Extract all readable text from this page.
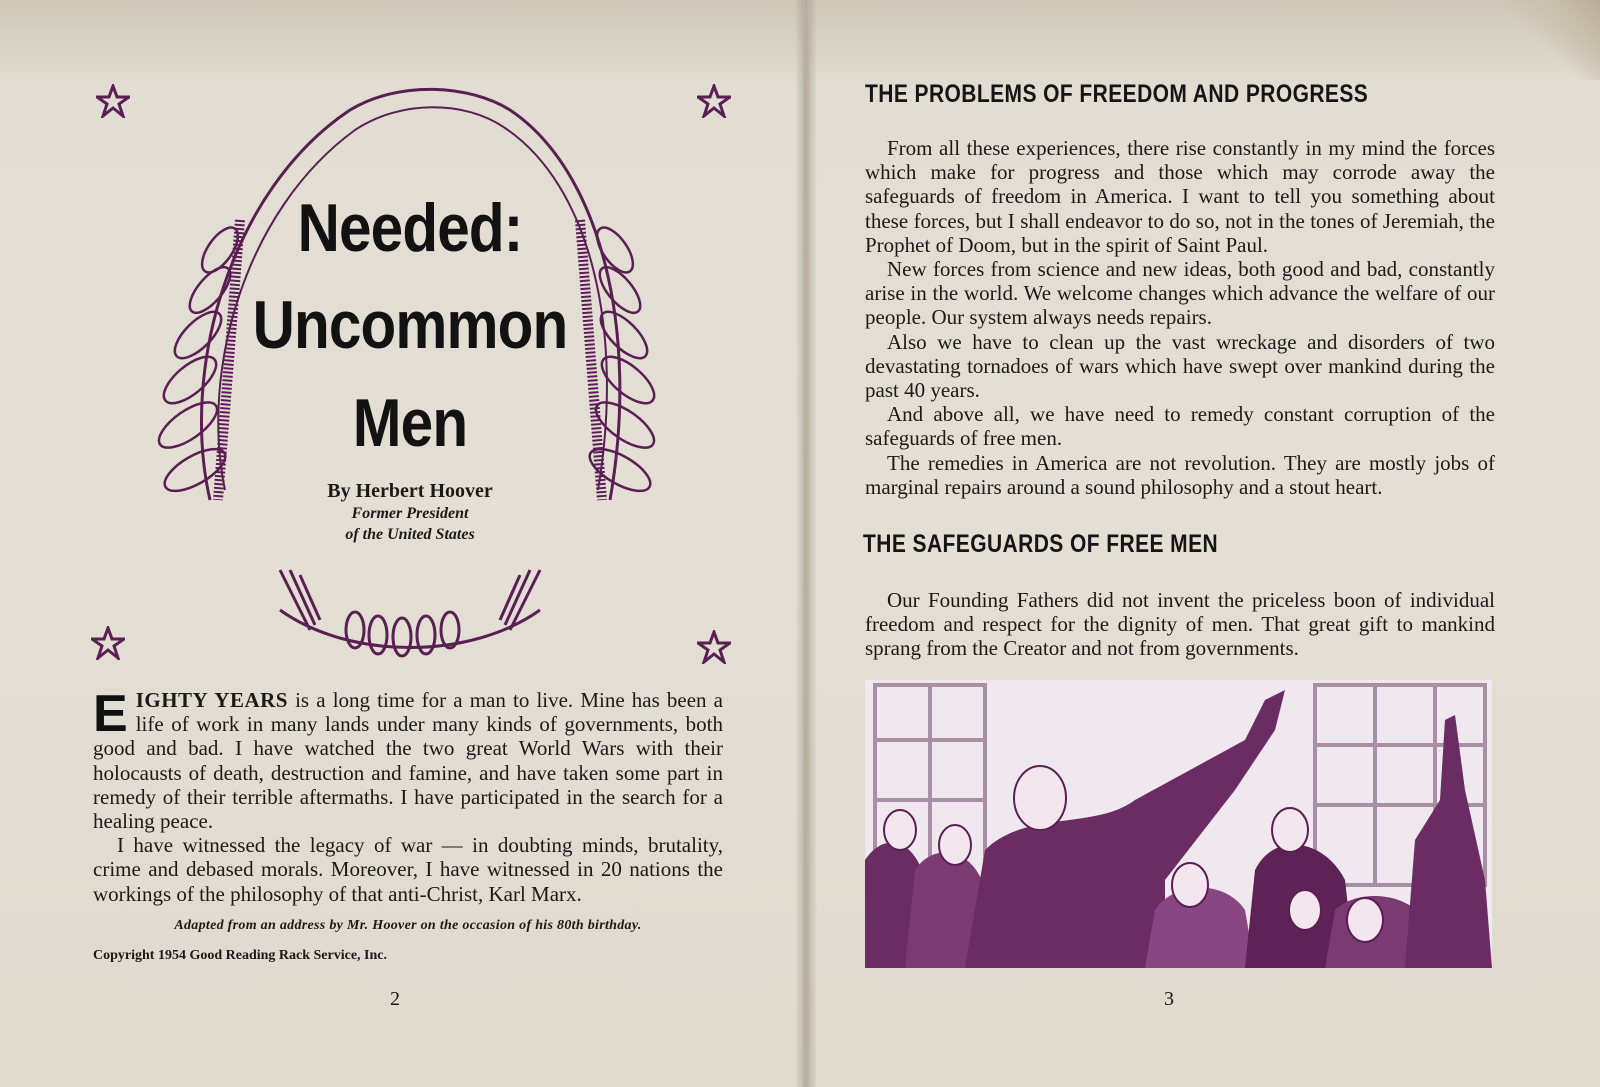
Needed:
Uncommon
Men
By Herbert Hoover
Former President
of the United States

EIGHTY YEARS is a long time for a man to live. Mine has been a life of work in many lands under many kinds of governments, both good and bad. I have watched the two great World Wars with their holocausts of death, destruction and famine, and have taken some part in remedy of their terrible aftermaths. I have participated in the search for a healing peace.

I have witnessed the legacy of war — in doubting minds, brutality, crime and debased morals. Moreover, I have witnessed in 20 nations the workings of the philosophy of that anti-Christ, Karl Marx.

Adapted from an address by Mr. Hoover on the occasion of his 80th birthday.
Copyright 1954 Good Reading Rack Service, Inc.
2
THE PROBLEMS OF FREEDOM AND PROGRESS

From all these experiences, there rise constantly in my mind the forces which make for progress and those which may corrode away the safeguards of freedom in America. I want to tell you something about these forces, but I shall endeavor to do so, not in the tones of Jeremiah, the Prophet of Doom, but in the spirit of Saint Paul.

New forces from science and new ideas, both good and bad, constantly arise in the world. We welcome changes which advance the welfare of our people. Our system always needs repairs.

Also we have to clean up the vast wreckage and disorders of two devastating tornadoes of wars which have swept over mankind during the past 40 years.

And above all, we have need to remedy constant corruption of the safeguards of free men.

The remedies in America are not revolution. They are mostly jobs of marginal repairs around a sound philosophy and a stout heart.

THE SAFEGUARDS OF FREE MEN

Our Founding Fathers did not invent the priceless boon of individual freedom and respect for the dignity of men. That great gift to mankind sprang from the Creator and not from governments.

3
